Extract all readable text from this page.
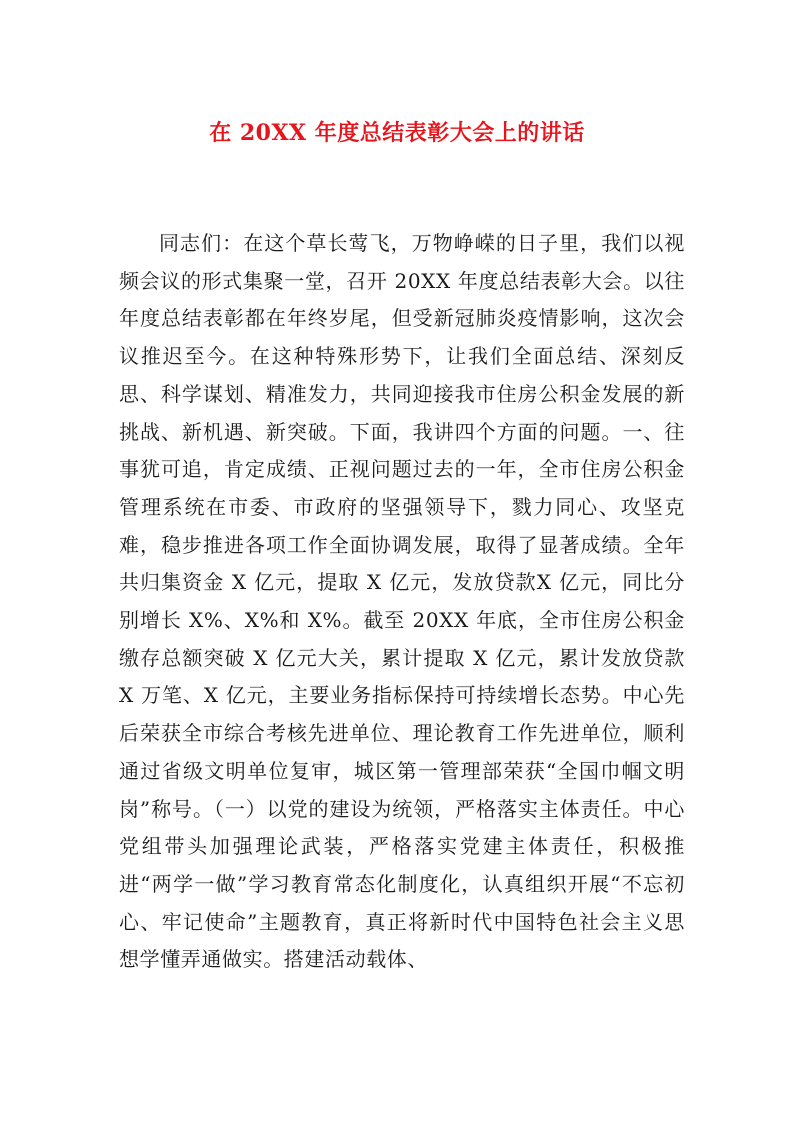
在 20XX 年度总结表彰大会上的讲话

同志们：在这个草长莺飞，万物峥嵘的日子里，我们以视频会议的形式集聚一堂，召开 20XX 年度总结表彰大会。以往年度总结表彰都在年终岁尾，但受新冠肺炎疫情影响，这次会议推迟至今。在这种特殊形势下，让我们全面总结、深刻反思、科学谋划、精准发力，共同迎接我市住房公积金发展的新挑战、新机遇、新突破。下面，我讲四个方面的问题。一、往事犹可追，肯定成绩、正视问题过去的一年，全市住房公积金管理系统在市委、市政府的坚强领导下，戮力同心、攻坚克难，稳步推进各项工作全面协调发展，取得了显著成绩。全年共归集资金 X 亿元，提取 X 亿元，发放贷款X 亿元，同比分别增长 X%、X%和 X%。截至 20XX 年底，全市住房公积金缴存总额突破 X 亿元大关，累计提取 X 亿元，累计发放贷款 X 万笔、X 亿元，主要业务指标保持可持续增长态势。中心先后荣获全市综合考核先进单位、理论教育工作先进单位，顺利通过省级文明单位复审，城区第一管理部荣获“全国巾帼文明岗”称号。（一）以党的建设为统领，严格落实主体责任。中心党组带头加强理论武装，严格落实党建主体责任，积极推进“两学一做”学习教育常态化制度化，认真组织开展“不忘初心、牢记使命”主题教育，真正将新时代中国特色社会主义思想学懂弄通做实。搭建活动载体、
